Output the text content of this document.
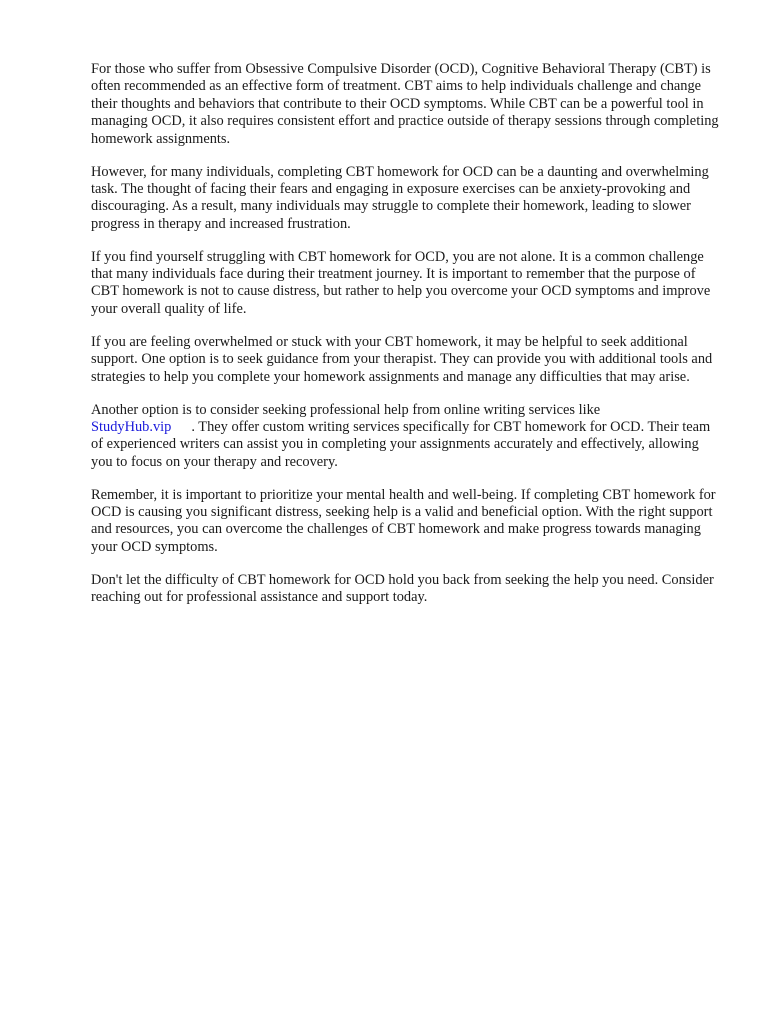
For those who suffer from Obsessive Compulsive Disorder (OCD), Cognitive Behavioral Therapy (CBT) is often recommended as an effective form of treatment. CBT aims to help individuals challenge and change their thoughts and behaviors that contribute to their OCD symptoms. While CBT can be a powerful tool in managing OCD, it also requires consistent effort and practice outside of therapy sessions through completing homework assignments.

However, for many individuals, completing CBT homework for OCD can be a daunting and overwhelming task. The thought of facing their fears and engaging in exposure exercises can be anxiety-provoking and discouraging. As a result, many individuals may struggle to complete their homework, leading to slower progress in therapy and increased frustration.

If you find yourself struggling with CBT homework for OCD, you are not alone. It is a common challenge that many individuals face during their treatment journey. It is important to remember that the purpose of CBT homework is not to cause distress, but rather to help you overcome your OCD symptoms and improve your overall quality of life.

If you are feeling overwhelmed or stuck with your CBT homework, it may be helpful to seek additional support. One option is to seek guidance from your therapist. They can provide you with additional tools and strategies to help you complete your homework assignments and manage any difficulties that may arise.

Another option is to consider seeking professional help from online writing services like
StudyHub.vip . They offer custom writing services specifically for CBT homework for OCD. Their team of experienced writers can assist you in completing your assignments accurately and effectively, allowing you to focus on your therapy and recovery.

Remember, it is important to prioritize your mental health and well-being. If completing CBT homework for OCD is causing you significant distress, seeking help is a valid and beneficial option. With the right support and resources, you can overcome the challenges of CBT homework and make progress towards managing your OCD symptoms.

Don't let the difficulty of CBT homework for OCD hold you back from seeking the help you need. Consider reaching out for professional assistance and support today.
